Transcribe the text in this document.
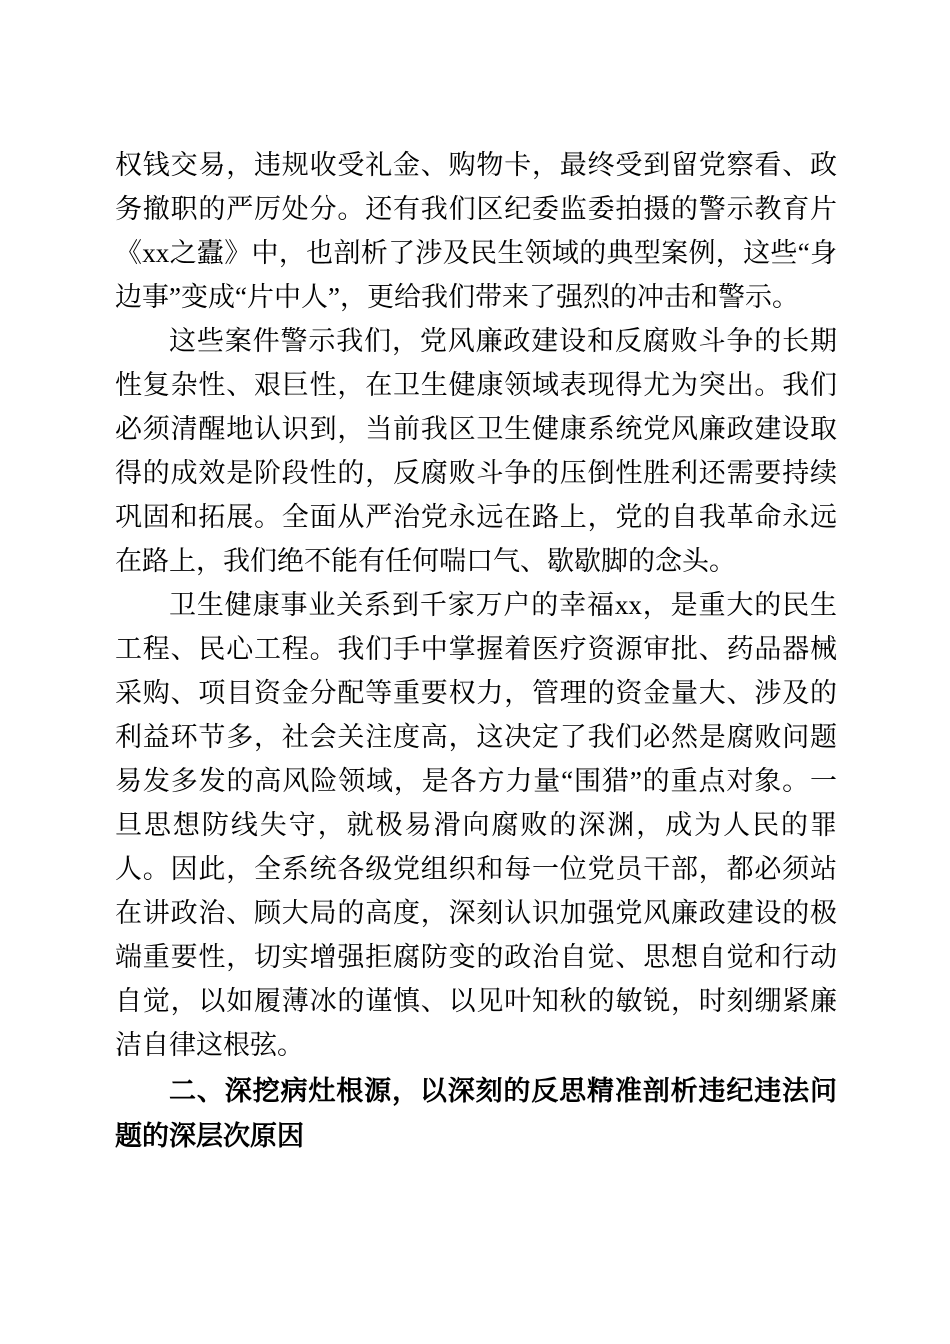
权钱交易，违规收受礼金、购物卡，最终受到留党察看、政务撤职的严厉处分。还有我们区纪委监委拍摄的警示教育片《xx之蠹》中，也剖析了涉及民生领域的典型案例，这些“身边事”变成“片中人”，更给我们带来了强烈的冲击和警示。

这些案件警示我们，党风廉政建设和反腐败斗争的长期性复杂性、艰巨性，在卫生健康领域表现得尤为突出。我们必须清醒地认识到，当前我区卫生健康系统党风廉政建设取得的成效是阶段性的，反腐败斗争的压倒性胜利还需要持续巩固和拓展。全面从严治党永远在路上，党的自我革命永远在路上，我们绝不能有任何喘口气、歇歇脚的念头。

卫生健康事业关系到千家万户的幸福xx，是重大的民生工程、民心工程。我们手中掌握着医疗资源审批、药品器械采购、项目资金分配等重要权力，管理的资金量大、涉及的利益环节多，社会关注度高，这决定了我们必然是腐败问题易发多发的高风险领域，是各方力量“围猎”的重点对象。一旦思想防线失守，就极易滑向腐败的深渊，成为人民的罪人。因此，全系统各级党组织和每一位党员干部，都必须站在讲政治、顾大局的高度，深刻认识加强党风廉政建设的极端重要性，切实增强拒腐防变的政治自觉、思想自觉和行动自觉，以如履薄冰的谨慎、以见叶知秋的敏锐，时刻绷紧廉洁自律这根弦。

二、深挖病灶根源，以深刻的反思精准剖析违纪违法问题的深层次原因
